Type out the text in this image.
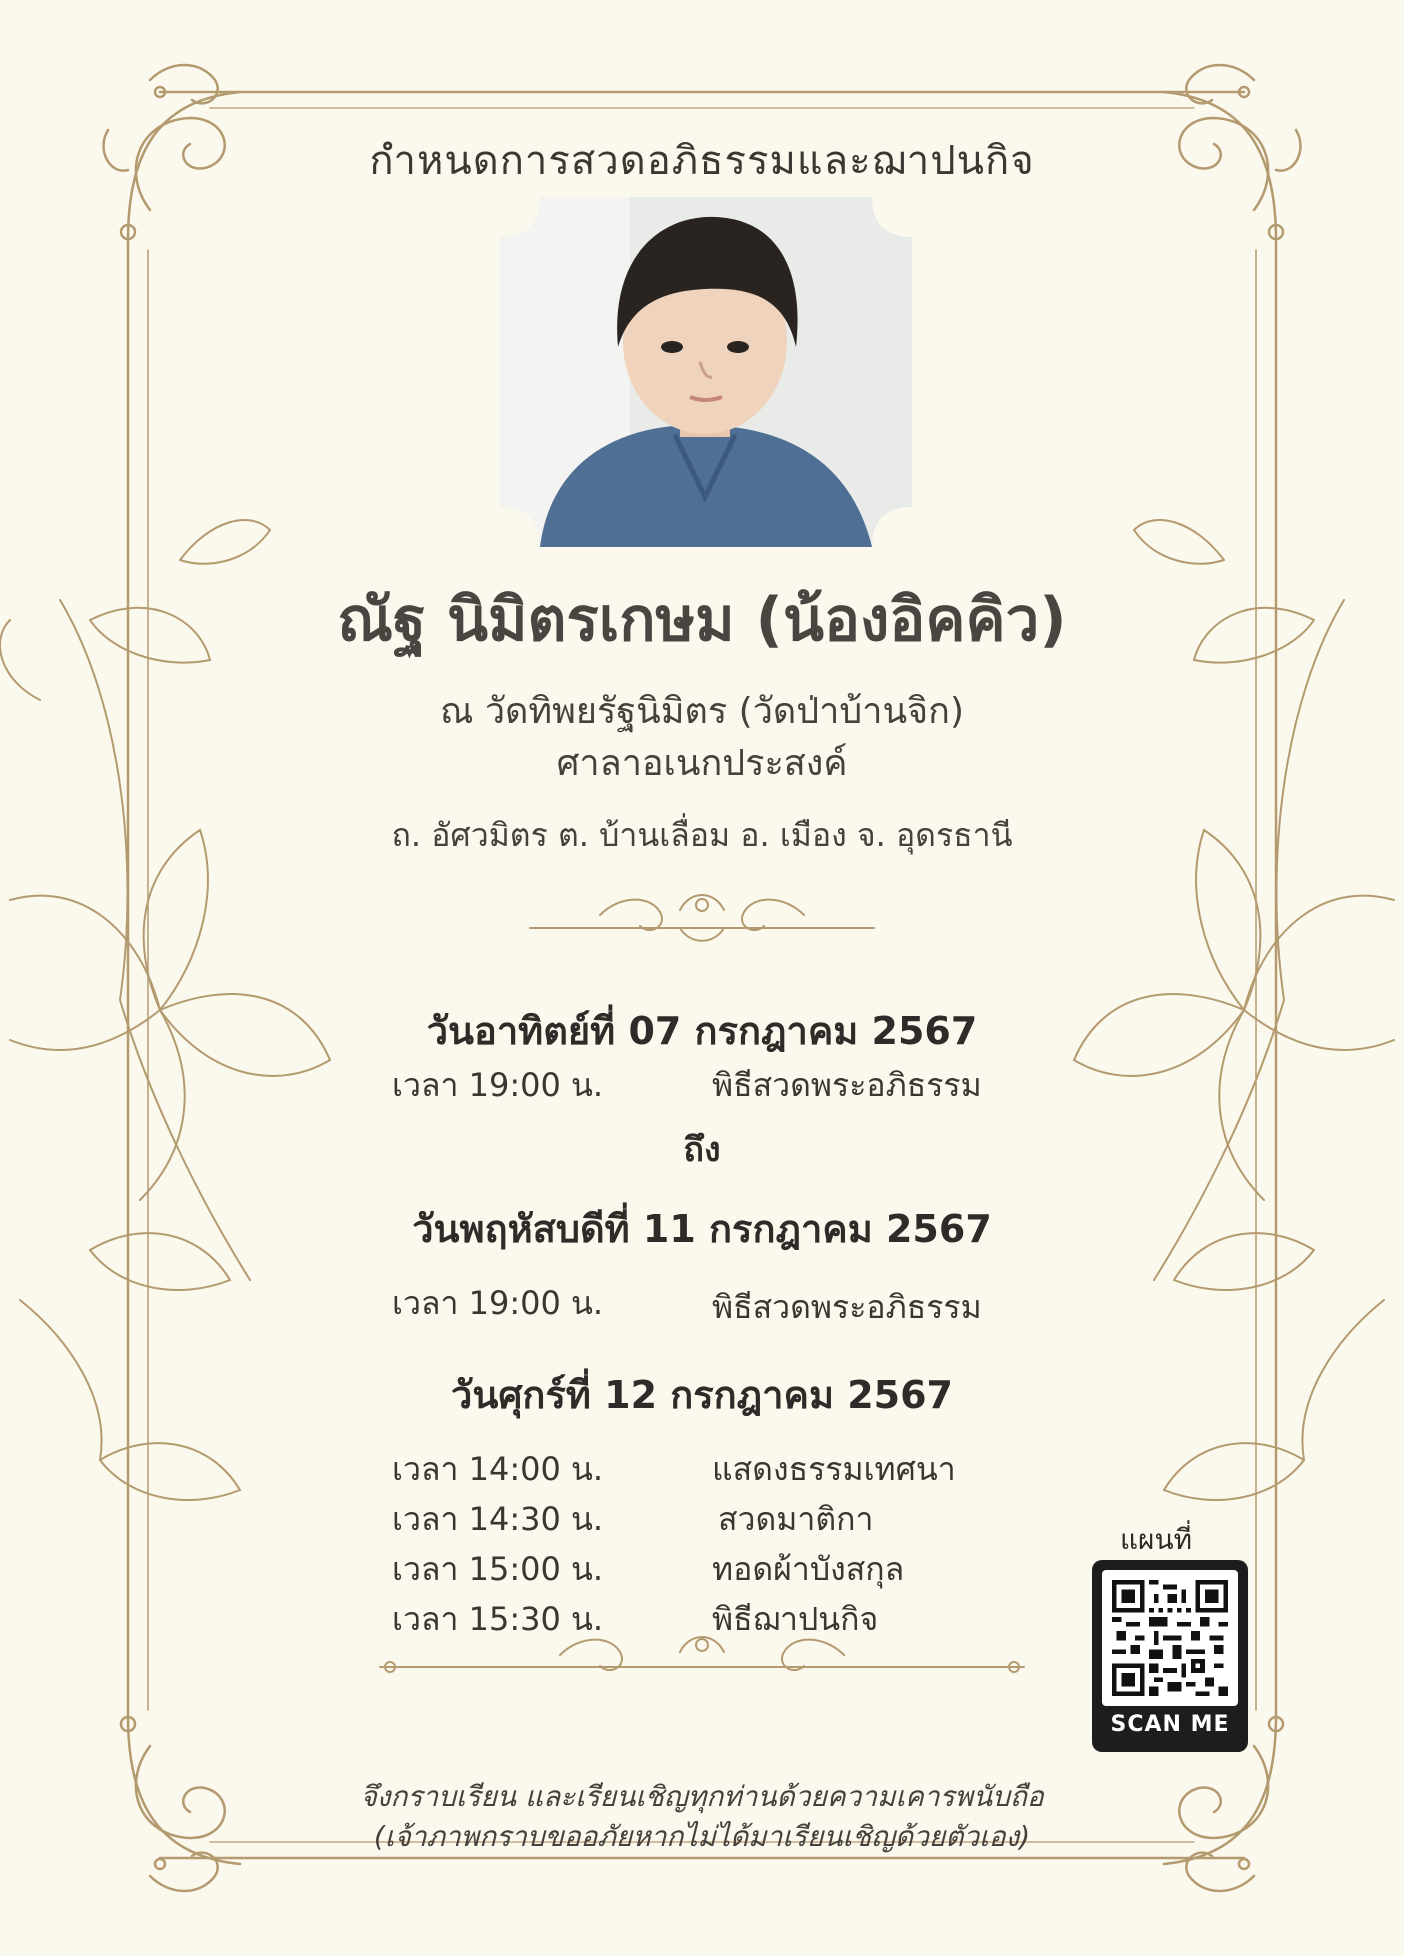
กำหนดการสวดอภิธรรมและฌาปนกิจ
ณัฐ นิมิตรเกษม (น้องอิคคิว)
ณ วัดทิพยรัฐนิมิตร (วัดป่าบ้านจิก)
ศาลาอเนกประสงค์
ถ. อัศวมิตร ต. บ้านเลื่อม อ. เมือง จ. อุดรธานี
วันอาทิตย์ที่ 07 กรกฎาคม 2567
เวลา 19:00 น.	พิธีสวดพระอภิธรรม
ถึง
วันพฤหัสบดีที่ 11 กรกฎาคม 2567
เวลา 19:00 น.	พิธีสวดพระอภิธรรม
วันศุกร์ที่ 12 กรกฎาคม 2567
เวลา 14:00 น.	แสดงธรรมเทศนา
เวลา 14:30 น.	สวดมาติกา
เวลา 15:00 น.	ทอดผ้าบังสกุล
เวลา 15:30 น.	พิธีฌาปนกิจ
แผนที่
SCAN ME
จึงกราบเรียน และเรียนเชิญทุกท่านด้วยความเคารพนับถือ
(เจ้าภาพกราบขออภัยหากไม่ได้มาเรียนเชิญด้วยตัวเอง)
